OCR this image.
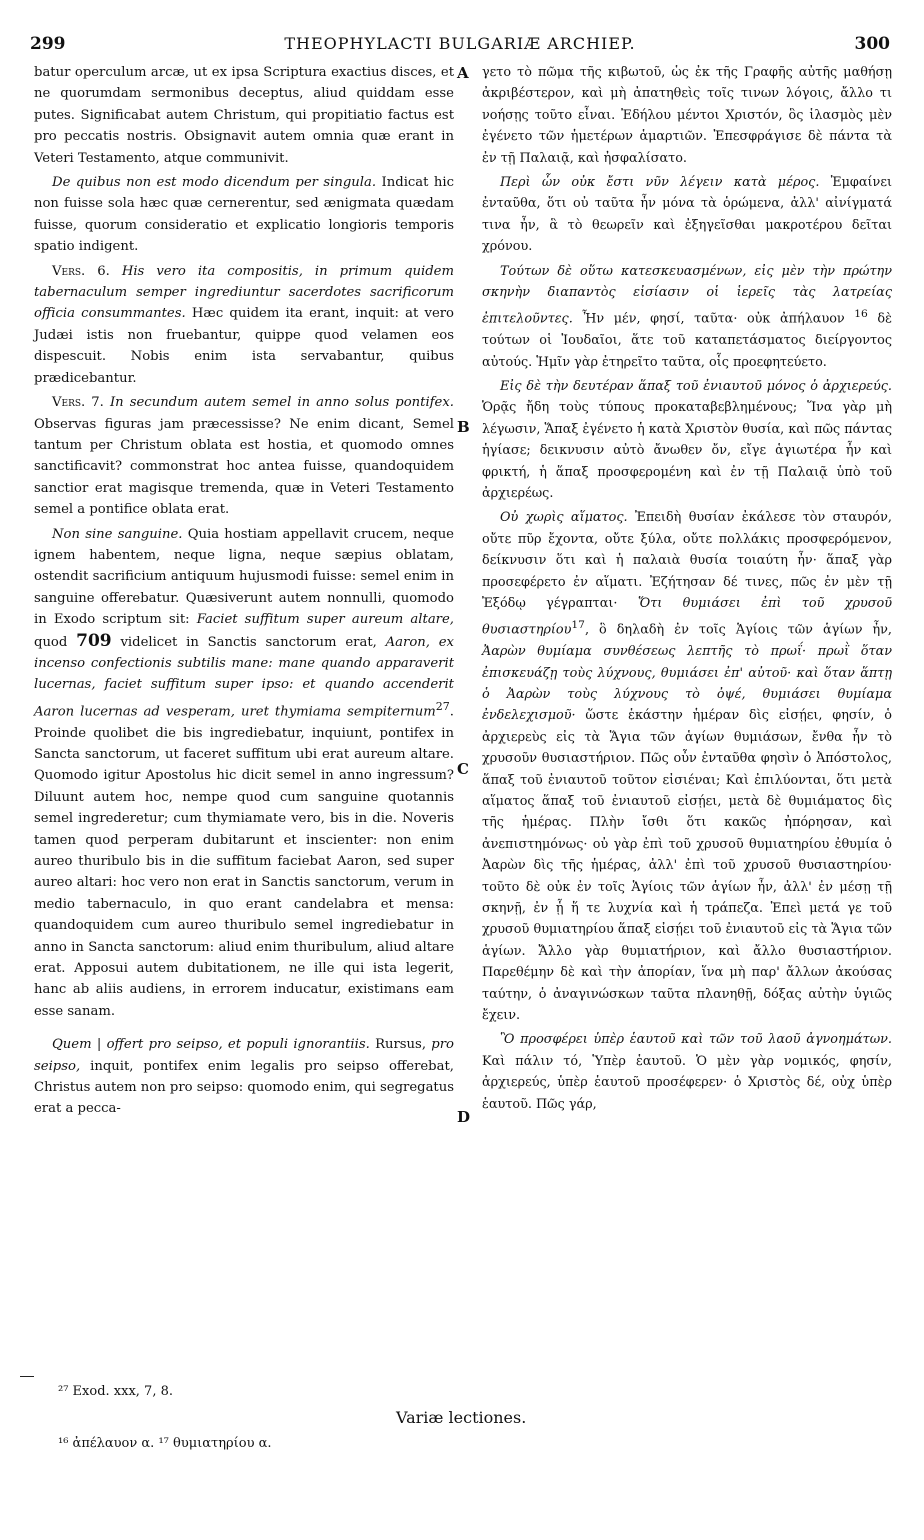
299	THEOPHYLACTI BULGARIÆ ARCHIEP.	300
A
B
C
D

batur operculum arcæ, ut ex ipsa Scriptura exactius disces, et ne quorumdam sermonibus deceptus, aliud quiddam esse putes. Significabat autem Christum, qui propitiatio factus est pro peccatis nostris. Obsignavit autem omnia quæ erant in Veteri Testamento, atque communivit.

De quibus non est modo dicendum per singula. Indicat hic non fuisse sola hæc quæ cernerentur, sed ænigmata quædam fuisse, quorum consideratio et explicatio longioris temporis spatio indigent.

Vers. 6. His vero ita compositis, in primum quidem tabernaculum semper ingrediuntur sacerdotes sacrificorum officia consummantes. Hæc quidem ita erant, inquit: at vero Judæi istis non fruebantur, quippe quod velamen eos dispescuit. Nobis enim ista servabantur, quibus prædicebantur.

Vers. 7. In secundum autem semel in anno solus pontifex. Observas figuras jam præcessisse? Ne enim dicant, Semel tantum per Christum oblata est hostia, et quomodo omnes sanctificavit? commonstrat hoc antea fuisse, quandoquidem sanctior erat magisque tremenda, quæ in Veteri Testamento semel a pontifice oblata erat.

Non sine sanguine. Quia hostiam appellavit crucem, neque ignem habentem, neque ligna, neque sæpius oblatam, ostendit sacrificium antiquum hujusmodi fuisse: semel enim in sanguine offerebatur. Quæsiverunt autem nonnulli, quomodo in Exodo scriptum sit: Faciet suffitum super aureum altare, quod 709 videlicet in Sanctis sanctorum erat, Aaron, ex incenso confectionis subtilis mane: mane quando apparaverit lucernas, faciet suffitum super ipso: et quando accenderit Aaron lucernas ad vesperam, uret thymiama sempiternum$^{27}$. Proinde quolibet die bis ingrediebatur, inquiunt, pontifex in Sancta sanctorum, ut faceret suffitum ubi erat aureum altare. Quomodo igitur Apostolus hic dicit semel in anno ingressum? Diluunt autem hoc, nempe quod cum sanguine quotannis semel ingrederetur; cum thymiamate vero, bis in die. Noveris tamen quod perperam dubitarunt et inscienter: non enim aureo thuribulo bis in die suffitum faciebat Aaron, sed super aureo altari: hoc vero non erat in Sanctis sanctorum, verum in medio tabernaculo, in quo erant candelabra et mensa: quandoquidem cum aureo thuribulo semel ingrediebatur in anno in Sancta sanctorum: aliud enim thuribulum, aliud altare erat. Apposui autem dubitationem, ne ille qui ista legerit, hanc ab aliis audiens, in errorem inducatur, existimans eam esse sanam.

Quem | offert pro seipso, et populi ignorantiis. Rursus, pro seipso, inquit, pontifex enim legalis pro seipso offerebat, Christus autem non pro seipso: quomodo enim, qui segregatus erat a pecca-

γετο τὸ πῶμα τῆς κιβωτοῦ, ὡς ἐκ τῆς Γραφῆς αὐτῆς μαθήσῃ ἀκριβέστερον, καὶ μὴ ἀπατηθεὶς τοῖς τινων λόγοις, ἄλλο τι νοήσῃς τοῦτο εἶναι. Ἐδήλου μέντοι Χριστόν, ὃς ἱλασμὸς μὲν ἐγένετο τῶν ἡμετέρων ἁμαρτιῶν. Ἐπεσφράγισε δὲ πάντα τὰ ἐν τῇ Παλαιᾷ, καὶ ἠσφαλίσατο.

Περὶ ὧν οὐκ ἔστι νῦν λέγειν κατὰ μέρος. Ἐμφαίνει ἐνταῦθα, ὅτι οὐ ταῦτα ἦν μόνα τὰ ὁρώμενα, ἀλλ' αἰνίγματά τινα ἦν, ἃ τὸ θεωρεῖν καὶ ἐξηγεῖσθαι μακροτέρου δεῖται χρόνου.

Τούτων δὲ οὕτω κατεσκευασμένων, εἰς μὲν τὴν πρώτην σκηνὴν διαπαντὸς εἰσίασιν οἱ ἱερεῖς τὰς λατρείας ἐπιτελοῦντες. Ἦν μέν, φησί, ταῦτα· οὐκ ἀπήλαυον $^{16}$ δὲ τούτων οἱ Ἰουδαῖοι, ἅτε τοῦ καταπετάσματος διείργοντος αὐτούς. Ἡμῖν γὰρ ἐτηρεῖτο ταῦτα, οἷς προεφητεύετο.

Εἰς δὲ τὴν δευτέραν ἅπαξ τοῦ ἐνιαυτοῦ μόνος ὁ ἀρχιερεύς. Ὁρᾷς ἤδη τοὺς τύπους προκαταβεβλημένους; Ἵνα γὰρ μὴ λέγωσιν, Ἅπαξ ἐγένετο ἡ κατὰ Χριστὸν θυσία, καὶ πῶς πάντας ἡγίασε; δεικνυσιν αὐτὸ ἄνωθεν ὄν, εἴγε ἁγιωτέρα ἦν καὶ φρικτή, ἡ ἅπαξ προσφερομένη καὶ ἐν τῇ Παλαιᾷ ὑπὸ τοῦ ἀρχιερέως.

Οὐ χωρὶς αἵματος. Ἐπειδὴ θυσίαν ἐκάλεσε τὸν σταυρόν, οὔτε πῦρ ἔχοντα, οὔτε ξύλα, οὔτε πολλάκις προσφερόμενον, δείκνυσιν ὅτι καὶ ἡ παλαιὰ θυσία τοιαύτη ἦν· ἅπαξ γὰρ προσεφέρετο ἐν αἵματι. Ἐζήτησαν δέ τινες, πῶς ἐν μὲν τῇ Ἐξόδῳ γέγραπται· Ὅτι θυμιάσει ἐπὶ τοῦ χρυσοῦ θυσιαστηρίου$^{17}$, ὃ δηλαδὴ ἐν τοῖς Ἁγίοις τῶν ἁγίων ἦν, Ἀαρὼν θυμίαμα συνθέσεως λεπτῆς τὸ πρωΐ· πρωῒ ὅταν ἐπισκευάζῃ τοὺς λύχνους, θυμιάσει ἐπ' αὐτοῦ· καὶ ὅταν ἅπτῃ ὁ Ἀαρὼν τοὺς λύχνους τὸ ὀψέ, θυμιάσει θυμίαμα ἐνδελεχισμοῦ· ὥστε ἑκάστην ἡμέραν δὶς εἰσῄει, φησίν, ὁ ἀρχιερεὺς εἰς τὰ Ἅγια τῶν ἁγίων θυμιάσων, ἔνθα ἦν τὸ χρυσοῦν θυσιαστήριον. Πῶς οὖν ἐνταῦθα φησὶν ὁ Ἀπόστολος, ἅπαξ τοῦ ἐνιαυτοῦ τοῦτον εἰσιέναι; Καὶ ἐπιλύονται, ὅτι μετὰ αἵματος ἅπαξ τοῦ ἐνιαυτοῦ εἰσῄει, μετὰ δὲ θυμιάματος δὶς τῆς ἡμέρας. Πλὴν ἴσθι ὅτι κακῶς ἠπόρησαν, καὶ ἀνεπιστημόνως· οὐ γὰρ ἐπὶ τοῦ χρυσοῦ θυμιατηρίου ἐθυμία ὁ Ἀαρὼν δὶς τῆς ἡμέρας, ἀλλ' ἐπὶ τοῦ χρυσοῦ θυσιαστηρίου· τοῦτο δὲ οὐκ ἐν τοῖς Ἁγίοις τῶν ἁγίων ἦν, ἀλλ' ἐν μέσῃ τῇ σκηνῇ, ἐν ᾗ ἥ τε λυχνία καὶ ἡ τράπεζα. Ἐπεὶ μετά γε τοῦ χρυσοῦ θυμιατηρίου ἅπαξ εἰσῄει τοῦ ἐνιαυτοῦ εἰς τὰ Ἅγια τῶν ἁγίων. Ἄλλο γὰρ θυμιατήριον, καὶ ἄλλο θυσιαστήριον. Παρεθέμην δὲ καὶ τὴν ἀπορίαν, ἵνα μὴ παρ' ἄλλων ἀκούσας ταύτην, ὁ ἀναγινώσκων ταῦτα πλανηθῇ, δόξας αὐτὴν ὑγιῶς ἔχειν.

Ὃ προσφέρει ὑπὲρ ἑαυτοῦ καὶ τῶν τοῦ λαοῦ ἀγνοημάτων. Καὶ πάλιν τό, Ὑπὲρ ἑαυτοῦ. Ὁ μὲν γὰρ νομικός, φησίν, ἀρχιερεύς, ὑπὲρ ἑαυτοῦ προσέφερεν· ὁ Χριστὸς δέ, οὐχ ὑπὲρ ἑαυτοῦ. Πῶς γάρ,

²⁷ Exod. xxx, 7, 8.
Variæ lectiones.
¹⁶ ἀπέλαυον α. ¹⁷ θυμιατηρίου α.
